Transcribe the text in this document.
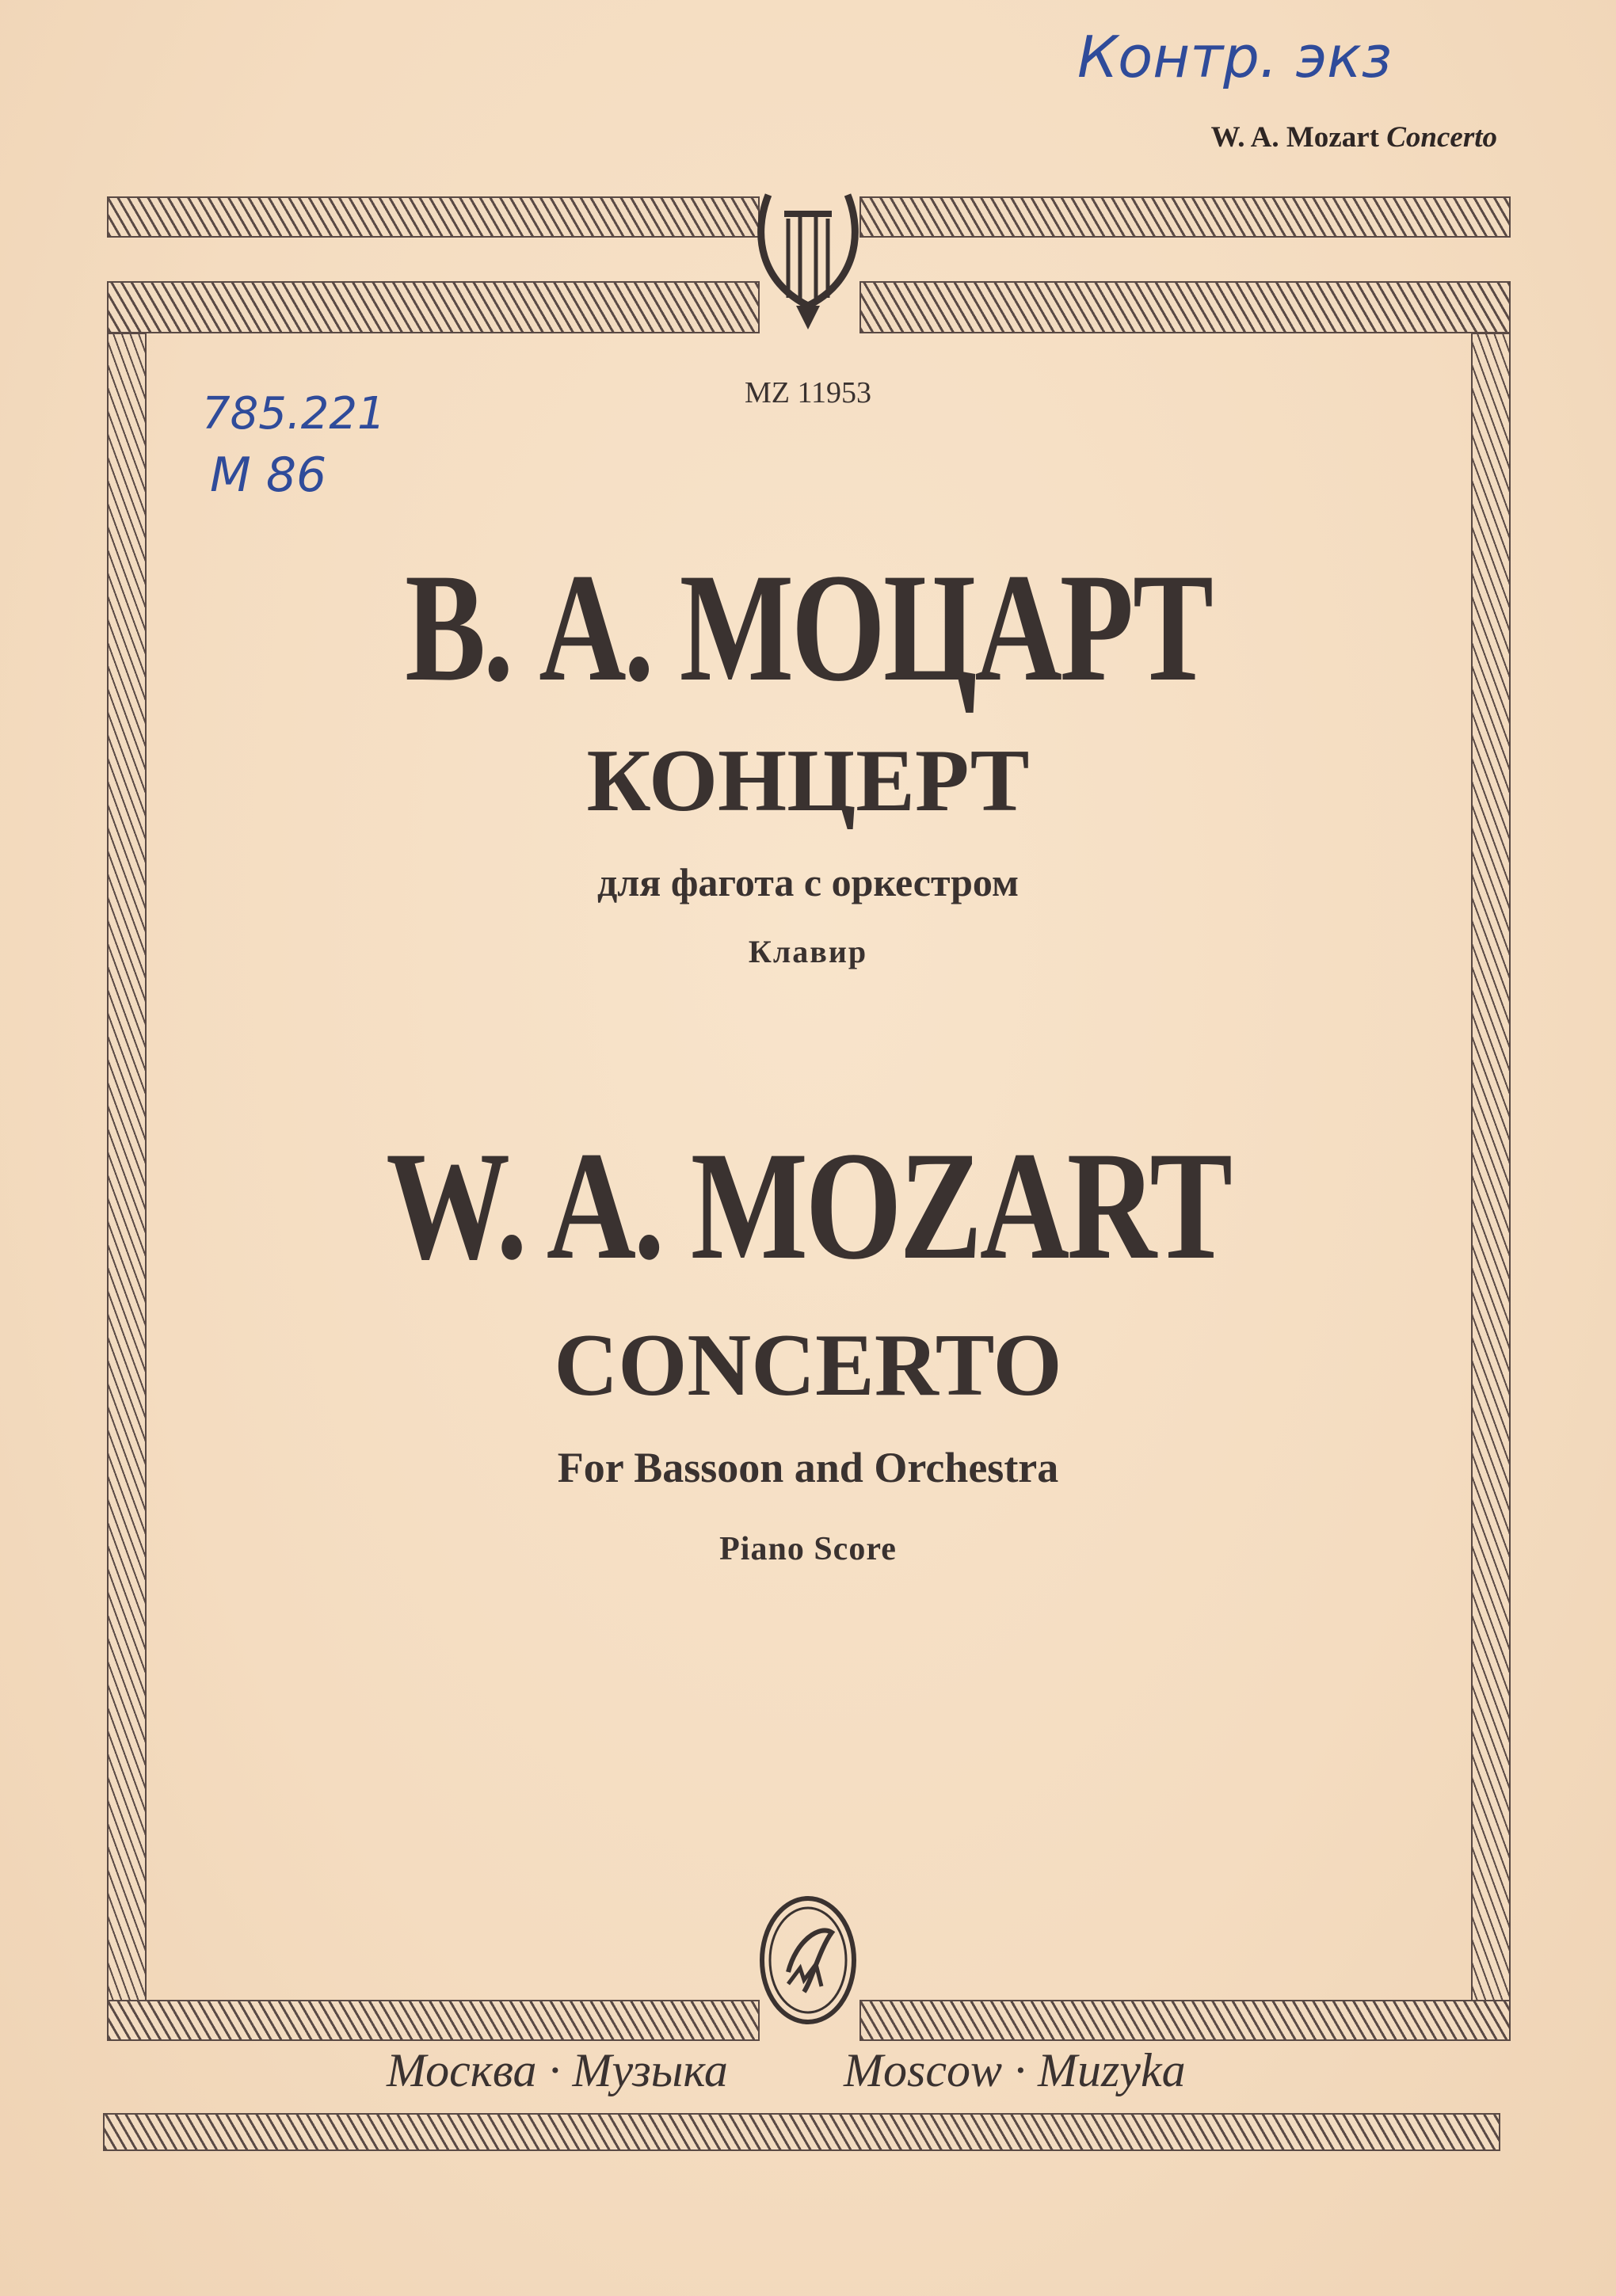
Контр. экз
W. A. Mozart Concerto
MZ 11953
785.221
M 86
В. А. МОЦАРТ
КОНЦЕРТ
для фагота с оркестром
Клавир
W. A. MOZART
CONCERTO
For Bassoon and Orchestra
Piano Score
Москва · Музыка Moscow · Muzyka
